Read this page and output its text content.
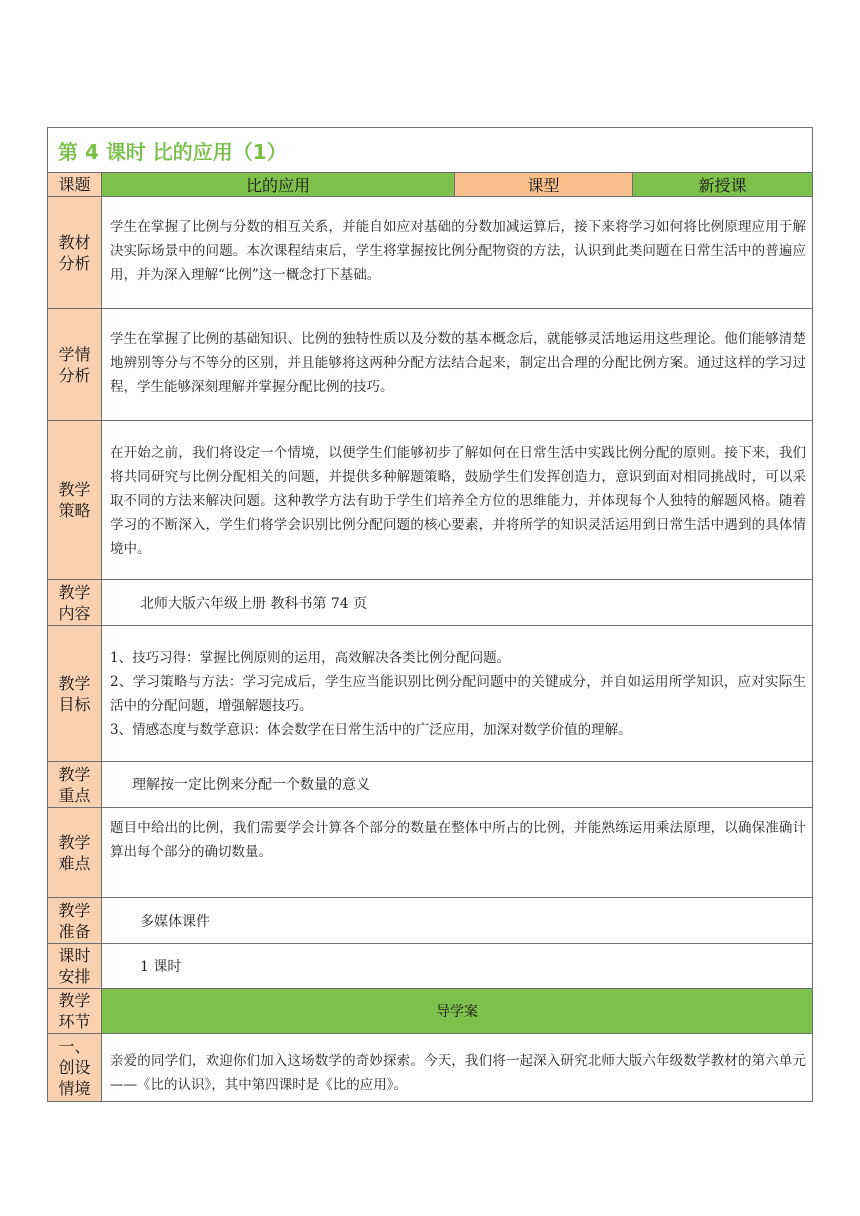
第 4 课时 比的应用（1）			
课题	比的应用	课型	新授课
教材分析	学生在掌握了比例与分数的相互关系，并能自如应对基础的分数加减运算后，接下来将学习如何将比例原理应用于解决实际场景中的问题。本次课程结束后，学生将掌握按比例分配物资的方法，认识到此类问题在日常生活中的普遍应用，并为深入理解“比例”这一概念打下基础。		
学情分析	学生在掌握了比例的基础知识、比例的独特性质以及分数的基本概念后，就能够灵活地运用这些理论。他们能够清楚地辨别等分与不等分的区别，并且能够将这两种分配方法结合起来，制定出合理的分配比例方案。通过这样的学习过程，学生能够深刻理解并掌握分配比例的技巧。		
教学策略	在开始之前，我们将设定一个情境，以便学生们能够初步了解如何在日常生活中实践比例分配的原则。接下来，我们将共同研究与比例分配相关的问题，并提供多种解题策略，鼓励学生们发挥创造力，意识到面对相同挑战时，可以采取不同的方法来解决问题。这种教学方法有助于学生们培养全方位的思维能力，并体现每个人独特的解题风格。随着学习的不断深入，学生们将学会识别比例分配问题的核心要素，并将所学的知识灵活运用到日常生活中遇到的具体情境中。		
教学内容	北师大版六年级上册 教科书第 74 页		
教学目标	1、技巧习得：掌握比例原则的运用，高效解决各类比例分配问题。
2、学习策略与方法：学习完成后，学生应当能识别比例分配问题中的关键成分，并自如运用所学知识，应对实际生活中的分配问题，增强解题技巧。
3、情感态度与数学意识：体会数学在日常生活中的广泛应用，加深对数学价值的理解。		

教学重点	理解按一定比例来分配一个数量的意义		
教学难点	题目中给出的比例，我们需要学会计算各个部分的数量在整体中所占的比例，并能熟练运用乘法原理，以确保准确计算出每个部分的确切数量。		
教学准备	多媒体课件		
课时安排	1 课时		
教学环节	导学案		
一、创设情境	亲爱的同学们，欢迎你们加入这场数学的奇妙探索。今天，我们将一起深入研究北师大版六年级数学教材的第六单元——《比的认识》，其中第四课时是《比的应用》。		
